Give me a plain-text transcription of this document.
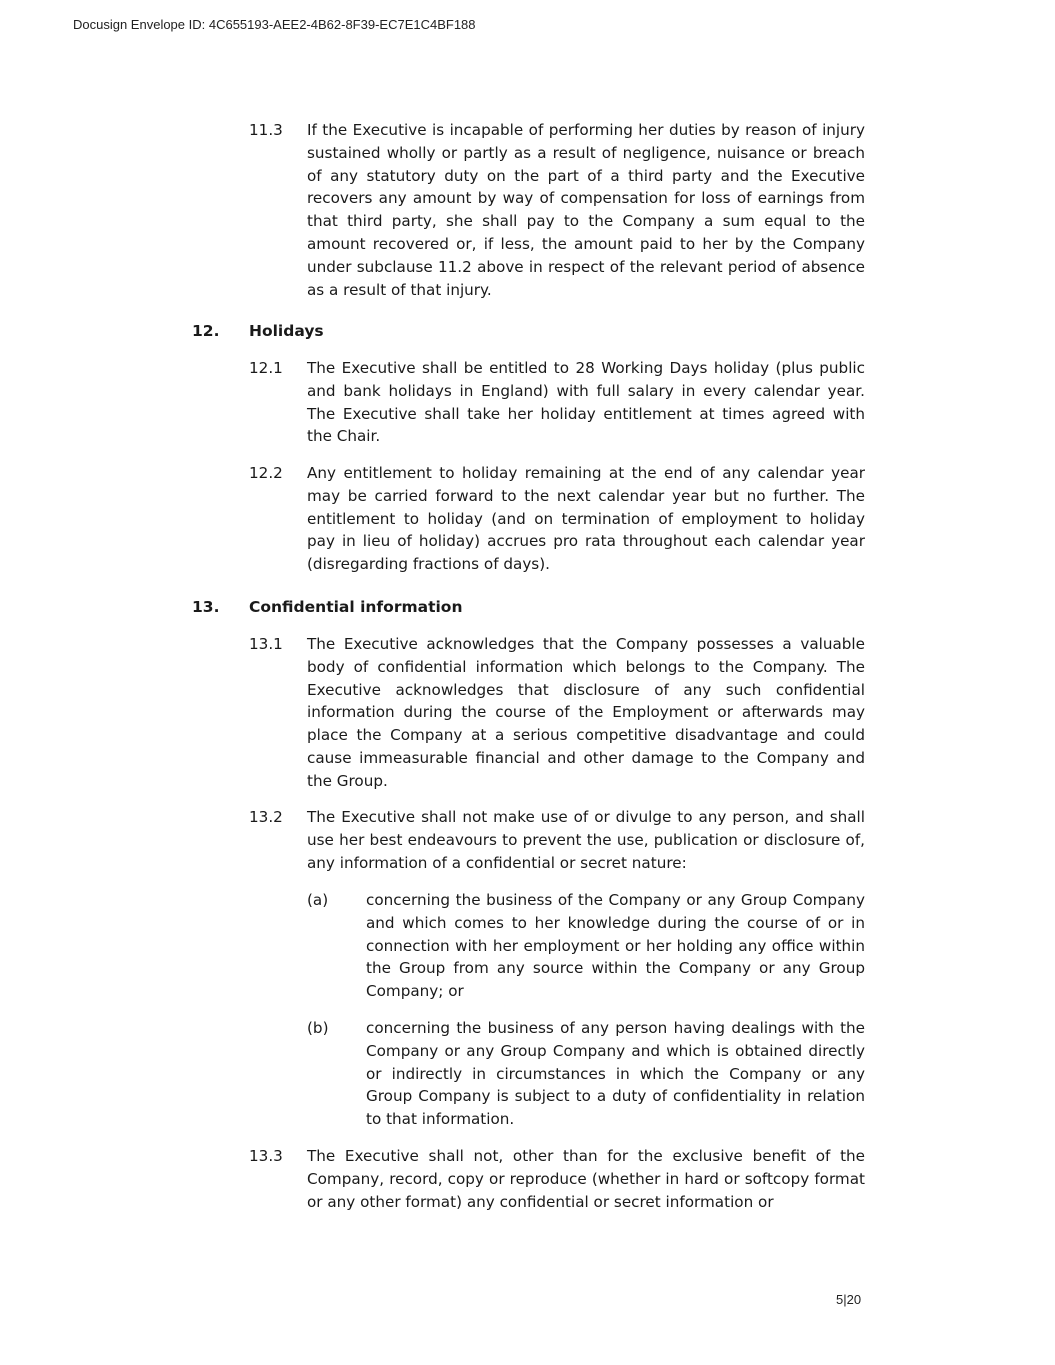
Docusign Envelope ID: 4C655193-AEE2-4B62-8F39-EC7E1C4BF188
11.3 If the Executive is incapable of performing her duties by reason of injury sustained wholly or partly as a result of negligence, nuisance or breach of any statutory duty on the part of a third party and the Executive recovers any amount by way of compensation for loss of earnings from that third party, she shall pay to the Company a sum equal to the amount recovered or, if less, the amount paid to her by the Company under subclause 11.2 above in respect of the relevant period of absence as a result of that injury.
12. Holidays
12.1 The Executive shall be entitled to 28 Working Days holiday (plus public and bank holidays in England) with full salary in every calendar year. The Executive shall take her holiday entitlement at times agreed with the Chair.
12.2 Any entitlement to holiday remaining at the end of any calendar year may be carried forward to the next calendar year but no further. The entitlement to holiday (and on termination of employment to holiday pay in lieu of holiday) accrues pro rata throughout each calendar year (disregarding fractions of days).
13. Confidential information
13.1 The Executive acknowledges that the Company possesses a valuable body of confidential information which belongs to the Company. The Executive acknowledges that disclosure of any such confidential information during the course of the Employment or afterwards may place the Company at a serious competitive disadvantage and could cause immeasurable financial and other damage to the Company and the Group.
13.2 The Executive shall not make use of or divulge to any person, and shall use her best endeavours to prevent the use, publication or disclosure of, any information of a confidential or secret nature:
(a) concerning the business of the Company or any Group Company and which comes to her knowledge during the course of or in connection with her employment or her holding any office within the Group from any source within the Company or any Group Company; or
(b) concerning the business of any person having dealings with the Company or any Group Company and which is obtained directly or indirectly in circumstances in which the Company or any Group Company is subject to a duty of confidentiality in relation to that information.
13.3 The Executive shall not, other than for the exclusive benefit of the Company, record, copy or reproduce (whether in hard or softcopy format or any other format) any confidential or secret information or
5|20
